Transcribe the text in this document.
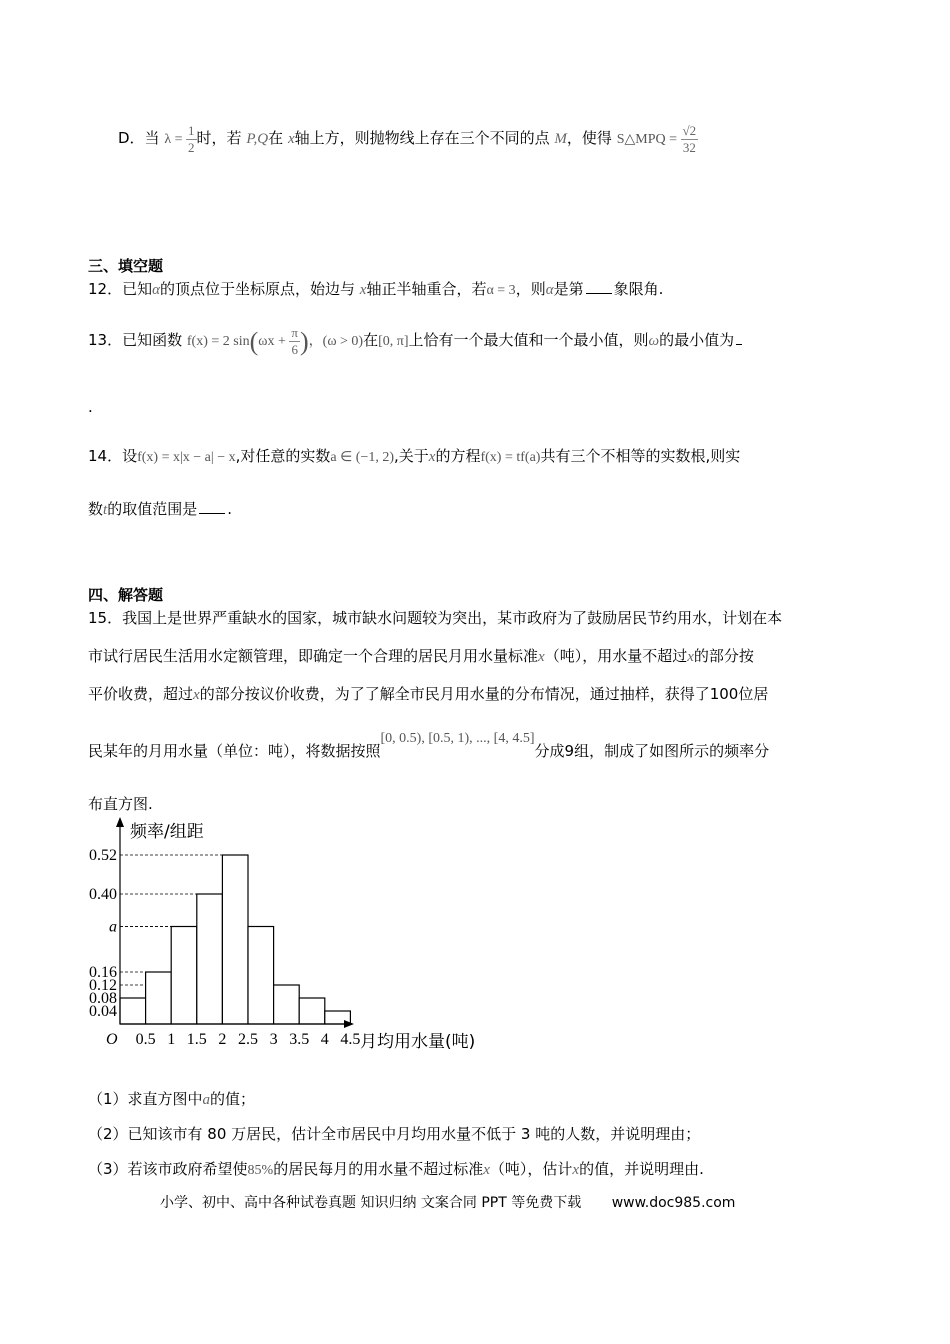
D．当 $\lambda = \frac{1}{2}$ 时，若 P,Q在 x轴上方，则抛物线上存在三个不同的点 M，使得 S△MPQ = $\frac{√2}{32}$
三、填空题
12．已知α的顶点位于坐标原点，始边与 x轴正半轴重合，若α = 3，则α是第 象限角.
13．已知函数 f(x) = 2 $\sin(\omega x + \frac{\pi}{6}$ )，(ω > 0)在[0, π]上恰有一个最大值和一个最小值，则ω的最小值为
.
14．设f(x) = x|x − a| − x,对任意的实数a ∈ (−1, 2),关于x的方程f(x) = tf(a)共有三个不相等的实数根,则实
数t的取值范围是 .
四、解答题
15．我国上是世界严重缺水的国家，城市缺水问题较为突出，某市政府为了鼓励居民节约用水，计划在本
市试行居民生活用水定额管理，即确定一个合理的居民月用水量标准x（吨），用水量不超过x的部分按
平价收费，超过x的部分按议价收费，为了了解全市民月用水量的分布情况，通过抽样，获得了100位居
民某年的月用水量（单位：吨），将数据按照[0, 0.5), [0.5, 1), ..., [4, 4.5]分成9组，制成了如图所示的频率分
布直方图.
0.04
0.08
0.12
0.16
a
0.40
0.52
0.5 1 1.5 2 2.5 3 3.5 4 4.5
O
频率/组距
月均用水量(吨)
（1）求直方图中a的值；
（2）已知该市有 80 万居民，估计全市居民中月均用水量不低于 3 吨的人数，并说明理由；
（3）若该市政府希望使85%的居民每月的用水量不超过标准x（吨），估计x的值，并说明理由.
小学、初中、高中各种试卷真题 知识归纳 文案合同 PPT 等免费下载 www.doc985.com
